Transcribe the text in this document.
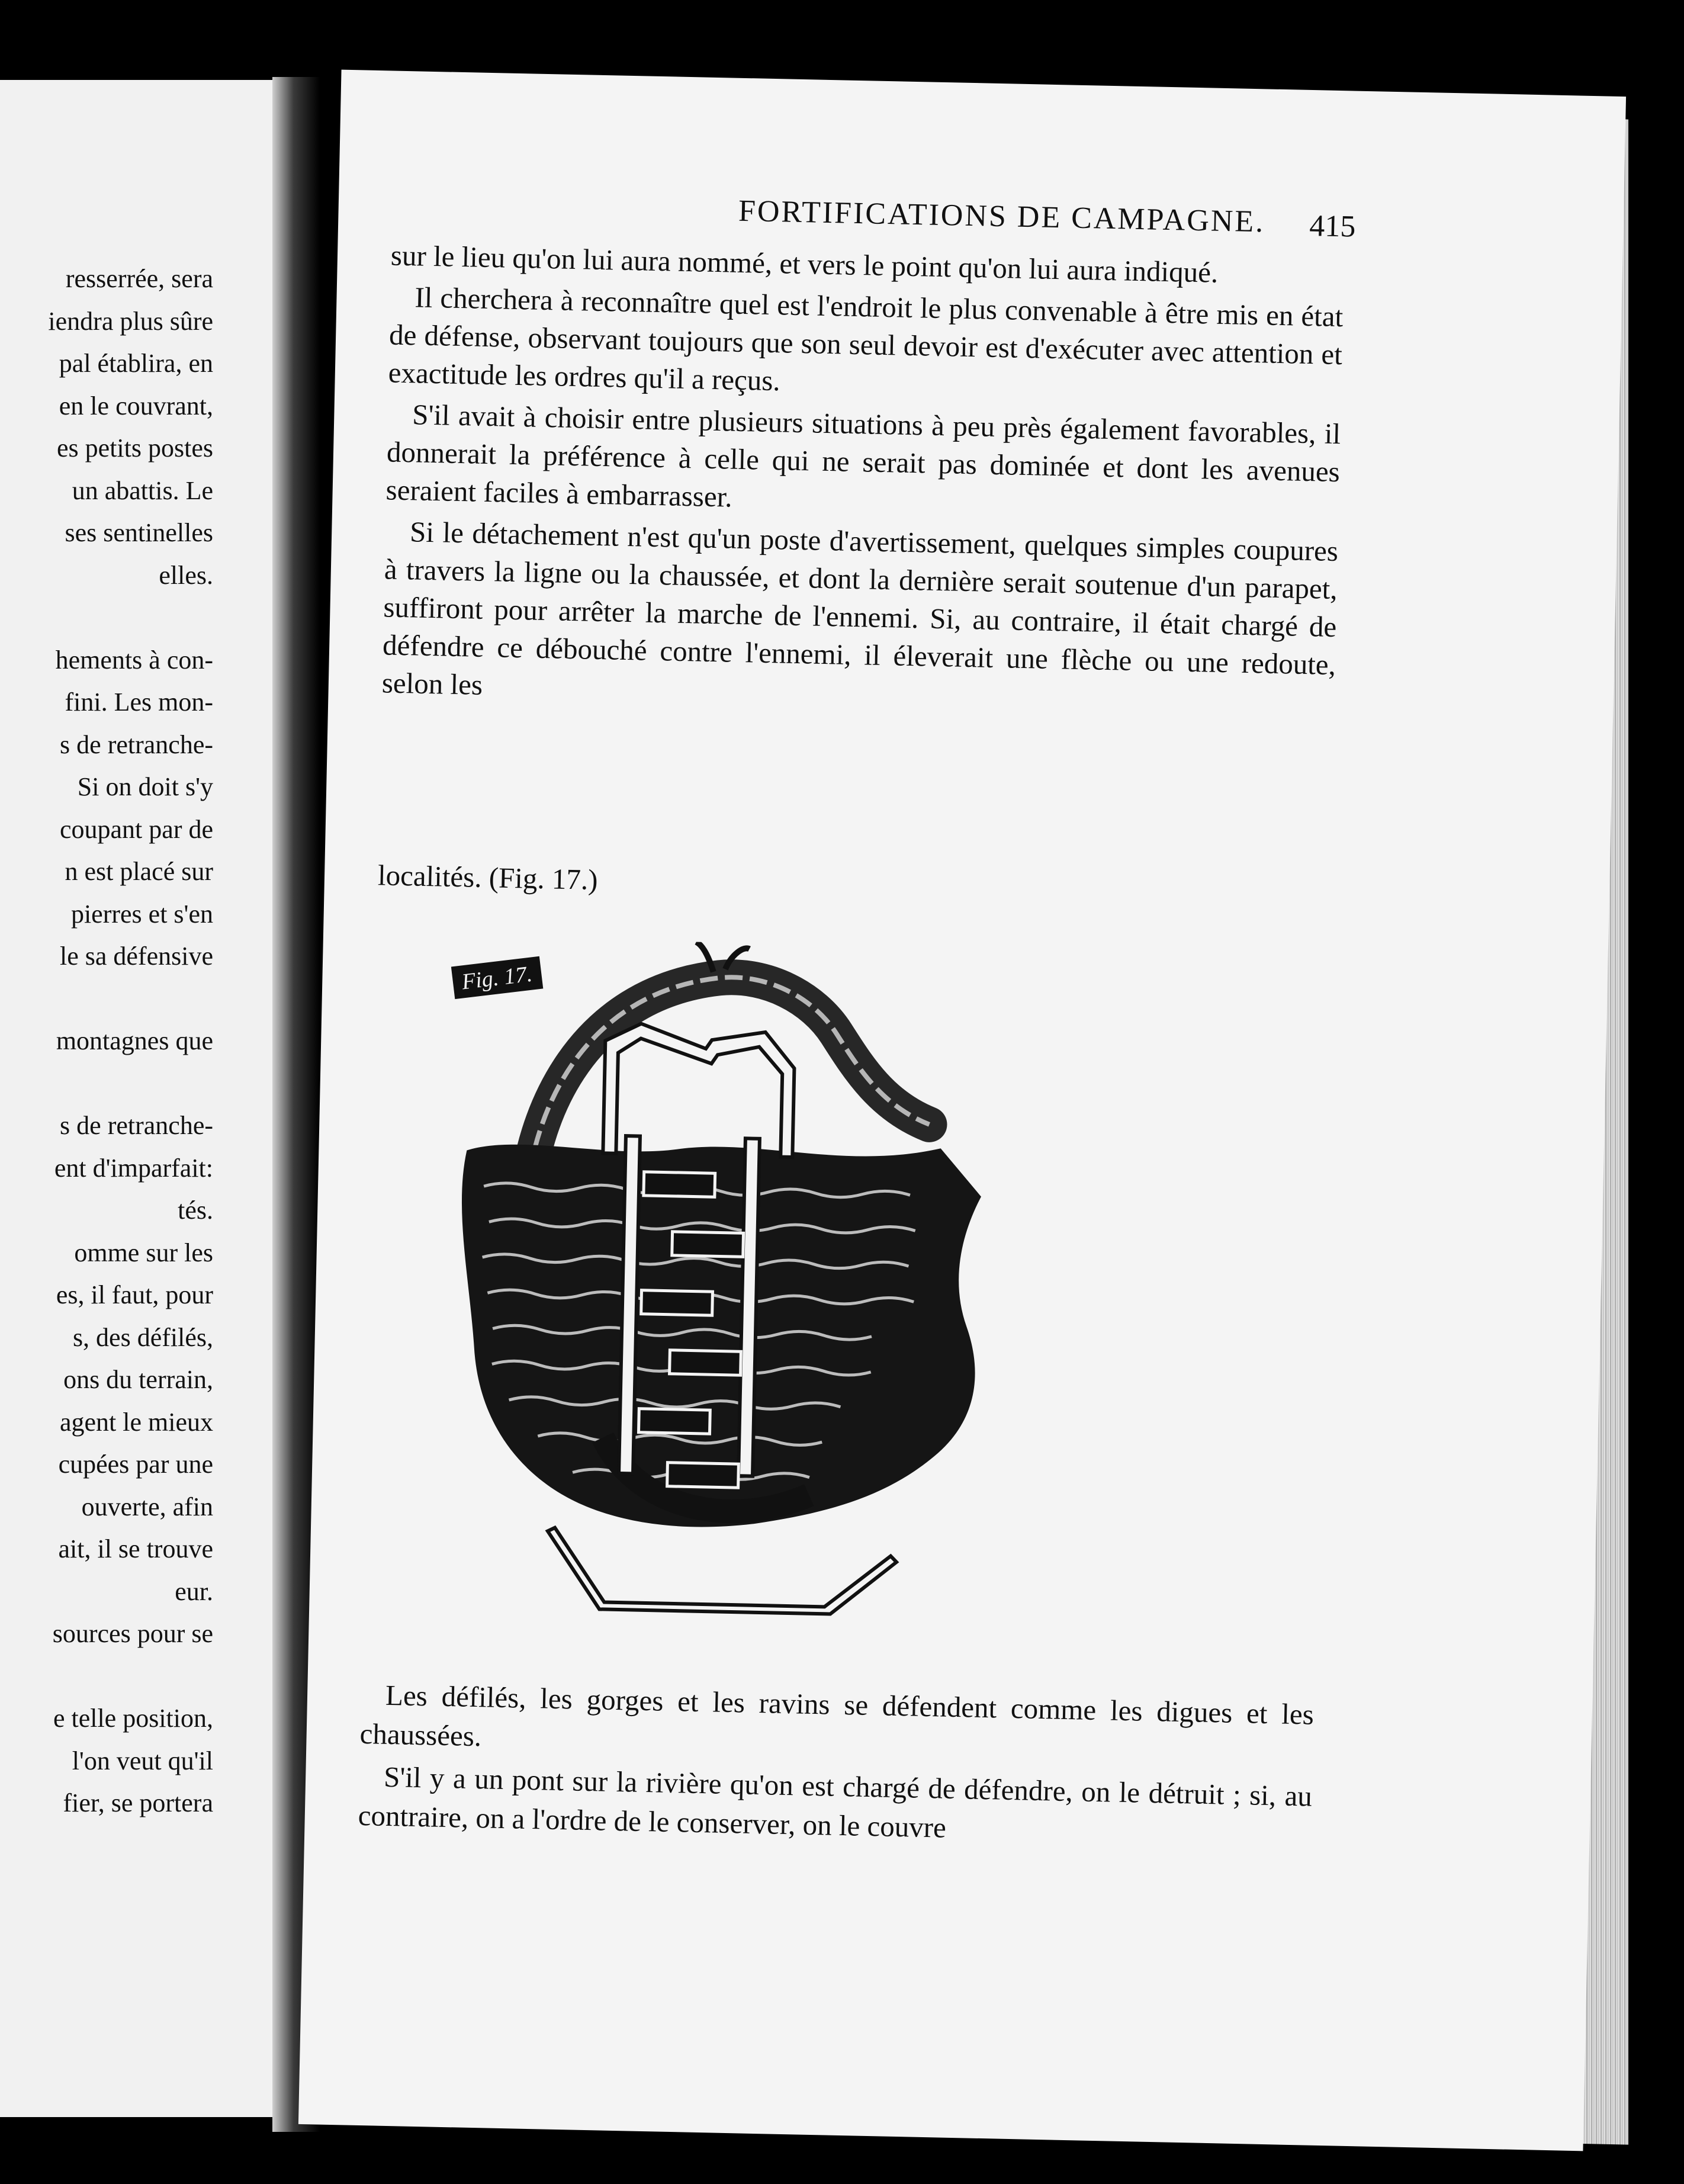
resserrée, sera
iendra plus sûre
pal établira, en
en le couvrant,
es petits postes
un abattis. Le
ses sentinelles
elles.
hements à con-
fini. Les mon-
s de retranche-
Si on doit s'y
coupant par de
n est placé sur
pierres et s'en
le sa défensive
montagnes que
s de retranche-
ent d'imparfait:
tés.
omme sur les
es, il faut, pour
s, des défilés,
ons du terrain,
agent le mieux
cupées par une
ouverte, afin
ait, il se trouve
eur.
sources pour se
e telle position,
l'on veut qu'il
fier, se portera
FORTIFICATIONS DE CAMPAGNE.	415

sur le lieu qu'on lui aura nommé, et vers le point qu'on lui aura indiqué.

Il cherchera à reconnaître quel est l'endroit le plus convenable à être mis en état de défense, observant toujours que son seul devoir est d'exécuter avec attention et exactitude les ordres qu'il a reçus.

S'il avait à choisir entre plusieurs situations à peu près également favorables, il donnerait la préférence à celle qui ne serait pas dominée et dont les avenues seraient faciles à embarrasser.

Si le détachement n'est qu'un poste d'avertissement, quelques simples coupures à travers la ligne ou la chaussée, et dont la dernière serait soutenue d'un parapet, suffiront pour arrêter la marche de l'ennemi. Si, au contraire, il était chargé de défendre ce débouché contre l'ennemi, il éleverait une flèche ou une redoute, selon les

localités. (Fig. 17.)
Fig. 17.

Les défilés, les gorges et les ravins se défendent comme les digues et les chaussées.

S'il y a un pont sur la rivière qu'on est chargé de défendre, on le détruit ; si, au contraire, on a l'ordre de le conserver, on le couvre
